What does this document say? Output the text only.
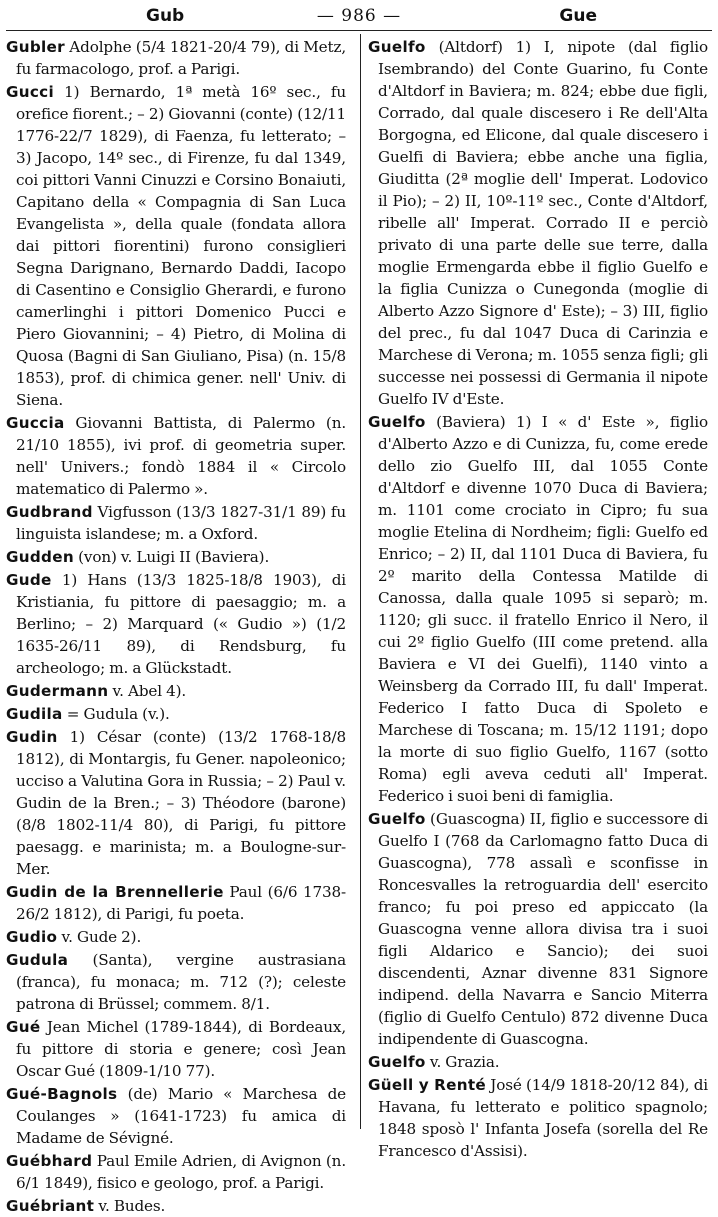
Gub	— 986 —	Gue

Gubler Adolphe (5/4 1821-20/4 79), di Metz, fu farmacologo, prof. a Parigi.

Gucci 1) Bernardo, 1ª metà 16º sec., fu orefice fiorent.; – 2) Giovanni (conte) (12/11 1776-22/7 1829), di Faenza, fu letterato; – 3) Jacopo, 14º sec., di Firenze, fu dal 1349, coi pittori Vanni Cinuzzi e Corsino Bonaiuti, Capitano della « Compagnia di San Luca Evangelista », della quale (fondata allora dai pittori fiorentini) furono consiglieri Segna Darignano, Bernardo Daddi, Iacopo di Casentino e Consiglio Gherardi, e furono camerlinghi i pittori Domenico Pucci e Piero Giovannini; – 4) Pietro, di Molina di Quosa (Bagni di San Giuliano, Pisa) (n. 15/8 1853), prof. di chimica gener. nell' Univ. di Siena.

Guccia Giovanni Battista, di Palermo (n. 21/10 1855), ivi prof. di geometria super. nell' Univers.; fondò 1884 il « Circolo matematico di Palermo ».

Gudbrand Vigfusson (13/3 1827-31/1 89) fu linguista islandese; m. a Oxford.

Gudden (von) v. Luigi II (Baviera).

Gude 1) Hans (13/3 1825-18/8 1903), di Kristiania, fu pittore di paesaggio; m. a Berlino; – 2) Marquard (« Gudio ») (1/2 1635-26/11 89), di Rendsburg, fu archeologo; m. a Glückstadt.

Gudermann v. Abel 4).

Gudila = Gudula (v.).

Gudin 1) César (conte) (13/2 1768-18/8 1812), di Montargis, fu Gener. napoleonico; ucciso a Valutina Gora in Russia; – 2) Paul v. Gudin de la Bren.; – 3) Théodore (barone) (8/8 1802-11/4 80), di Parigi, fu pittore paesagg. e marinista; m. a Boulogne-sur-Mer.

Gudin de la Brennellerie Paul (6/6 1738-26/2 1812), di Parigi, fu poeta.

Gudio v. Gude 2).

Gudula (Santa), vergine austrasiana (franca), fu monaca; m. 712 (?); celeste patrona di Brüssel; commem. 8/1.

Gué Jean Michel (1789-1844), di Bordeaux, fu pittore di storia e genere; così Jean Oscar Gué (1809-1/10 77).

Gué-Bagnols (de) Mario « Marchesa de Coulanges » (1641-1723) fu amica di Madame de Sévigné.

Guébhard Paul Emile Adrien, di Avignon (n. 6/1 1849), fisico e geologo, prof. a Parigi.

Guébriant v. Budes.

Guelfo (Altdorf) 1) I, nipote (dal figlio Isembrando) del Conte Guarino, fu Conte d'Altdorf in Baviera; m. 824; ebbe due figli, Corrado, dal quale discesero i Re dell'Alta Borgogna, ed Elicone, dal quale discesero i Guelfi di Baviera; ebbe anche una figlia, Giuditta (2ª moglie dell' Imperat. Lodovico il Pio); – 2) II, 10º-11º sec., Conte d'Altdorf, ribelle all' Imperat. Corrado II e perciò privato di una parte delle sue terre, dalla moglie Ermengarda ebbe il figlio Guelfo e la figlia Cunizza o Cunegonda (moglie di Alberto Azzo Signore d' Este); – 3) III, figlio del prec., fu dal 1047 Duca di Carinzia e Marchese di Verona; m. 1055 senza figli; gli successe nei possessi di Germania il nipote Guelfo IV d'Este.

Guelfo (Baviera) 1) I « d' Este », figlio d'Alberto Azzo e di Cunizza, fu, come erede dello zio Guelfo III, dal 1055 Conte d'Altdorf e divenne 1070 Duca di Baviera; m. 1101 come crociato in Cipro; fu sua moglie Etelina di Nordheim; figli: Guelfo ed Enrico; – 2) II, dal 1101 Duca di Baviera, fu 2º marito della Contessa Matilde di Canossa, dalla quale 1095 si separò; m. 1120; gli succ. il fratello Enrico il Nero, il cui 2º figlio Guelfo (III come pretend. alla Baviera e VI dei Guelfi), 1140 vinto a Weinsberg da Corrado III, fu dall' Imperat. Federico I fatto Duca di Spoleto e Marchese di Toscana; m. 15/12 1191; dopo la morte di suo figlio Guelfo, 1167 (sotto Roma) egli aveva ceduti all' Imperat. Federico i suoi beni di famiglia.

Guelfo (Guascogna) II, figlio e successore di Guelfo I (768 da Carlomagno fatto Duca di Guascogna), 778 assalì e sconfisse in Roncesvalles la retroguardia dell' esercito franco; fu poi preso ed appiccato (la Guascogna venne allora divisa tra i suoi figli Aldarico e Sancio); dei suoi discendenti, Aznar divenne 831 Signore indipend. della Navarra e Sancio Miterra (figlio di Guelfo Centulo) 872 divenne Duca indipendente di Guascogna.

Guelfo v. Grazia.

Güell y Renté José (14/9 1818-20/12 84), di Havana, fu letterato e politico spagnolo; 1848 sposò l' Infanta Josefa (sorella del Re Francesco d'Assisi).
